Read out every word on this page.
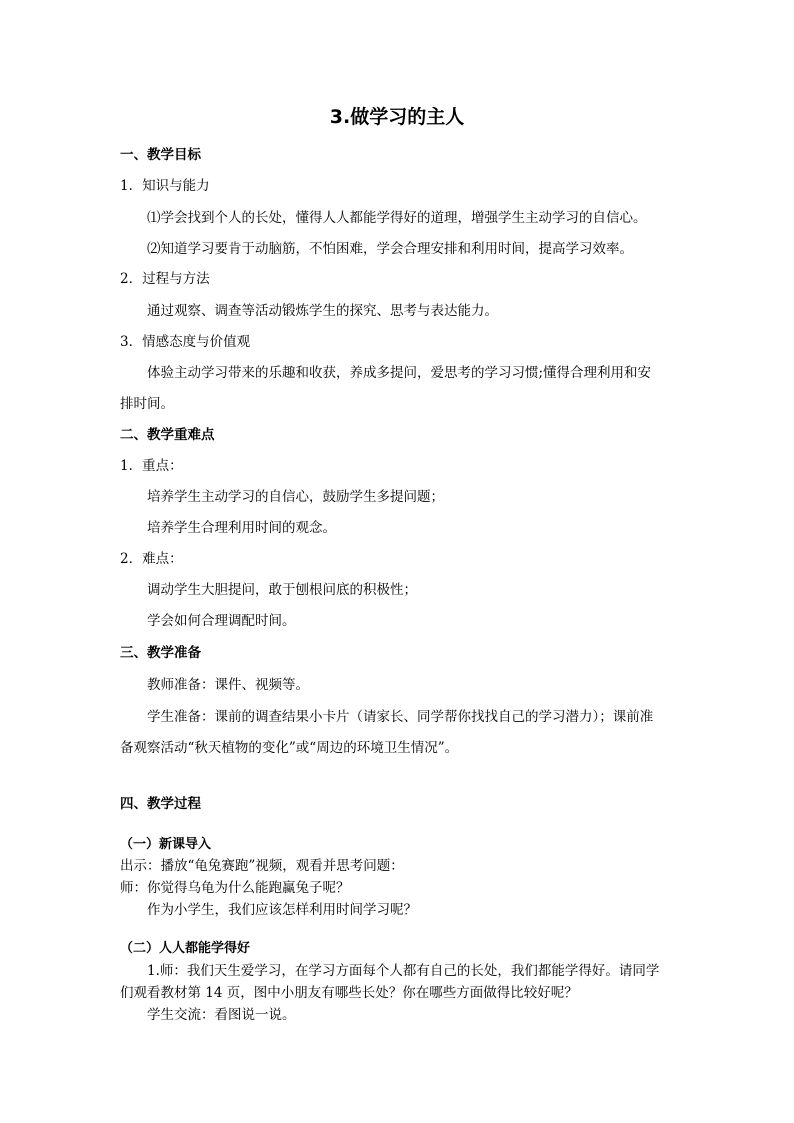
3.做学习的主人
一、教学目标
1．知识与能力
⑴学会找到个人的长处，懂得人人都能学得好的道理，增强学生主动学习的自信心。
⑵知道学习要肯于动脑筋，不怕困难，学会合理安排和利用时间，提高学习效率。
2．过程与方法
通过观察、调查等活动锻炼学生的探究、思考与表达能力。
3．情感态度与价值观
体验主动学习带来的乐趣和收获，养成多提问，爱思考的学习习惯;懂得合理利用和安
排时间。
二、教学重难点
1．重点：
培养学生主动学习的自信心，鼓励学生多提问题；
培养学生合理利用时间的观念。
2．难点：
调动学生大胆提问，敢于刨根问底的积极性；
学会如何合理调配时间。
三、教学准备
教师准备：课件、视频等。
学生准备：课前的调查结果小卡片（请家长、同学帮你找找自己的学习潜力）；课前准
备观察活动“秋天植物的变化”或“周边的环境卫生情况”。
四、教学过程
（一）新课导入
出示：播放“龟兔赛跑”视频，观看并思考问题：
师：你觉得乌龟为什么能跑赢兔子呢？
作为小学生，我们应该怎样利用时间学习呢？
（二）人人都能学得好
1.师：我们天生爱学习，在学习方面每个人都有自己的长处，我们都能学得好。请同学
们观看教材第 14 页，图中小朋友有哪些长处？你在哪些方面做得比较好呢？
学生交流：看图说一说。
